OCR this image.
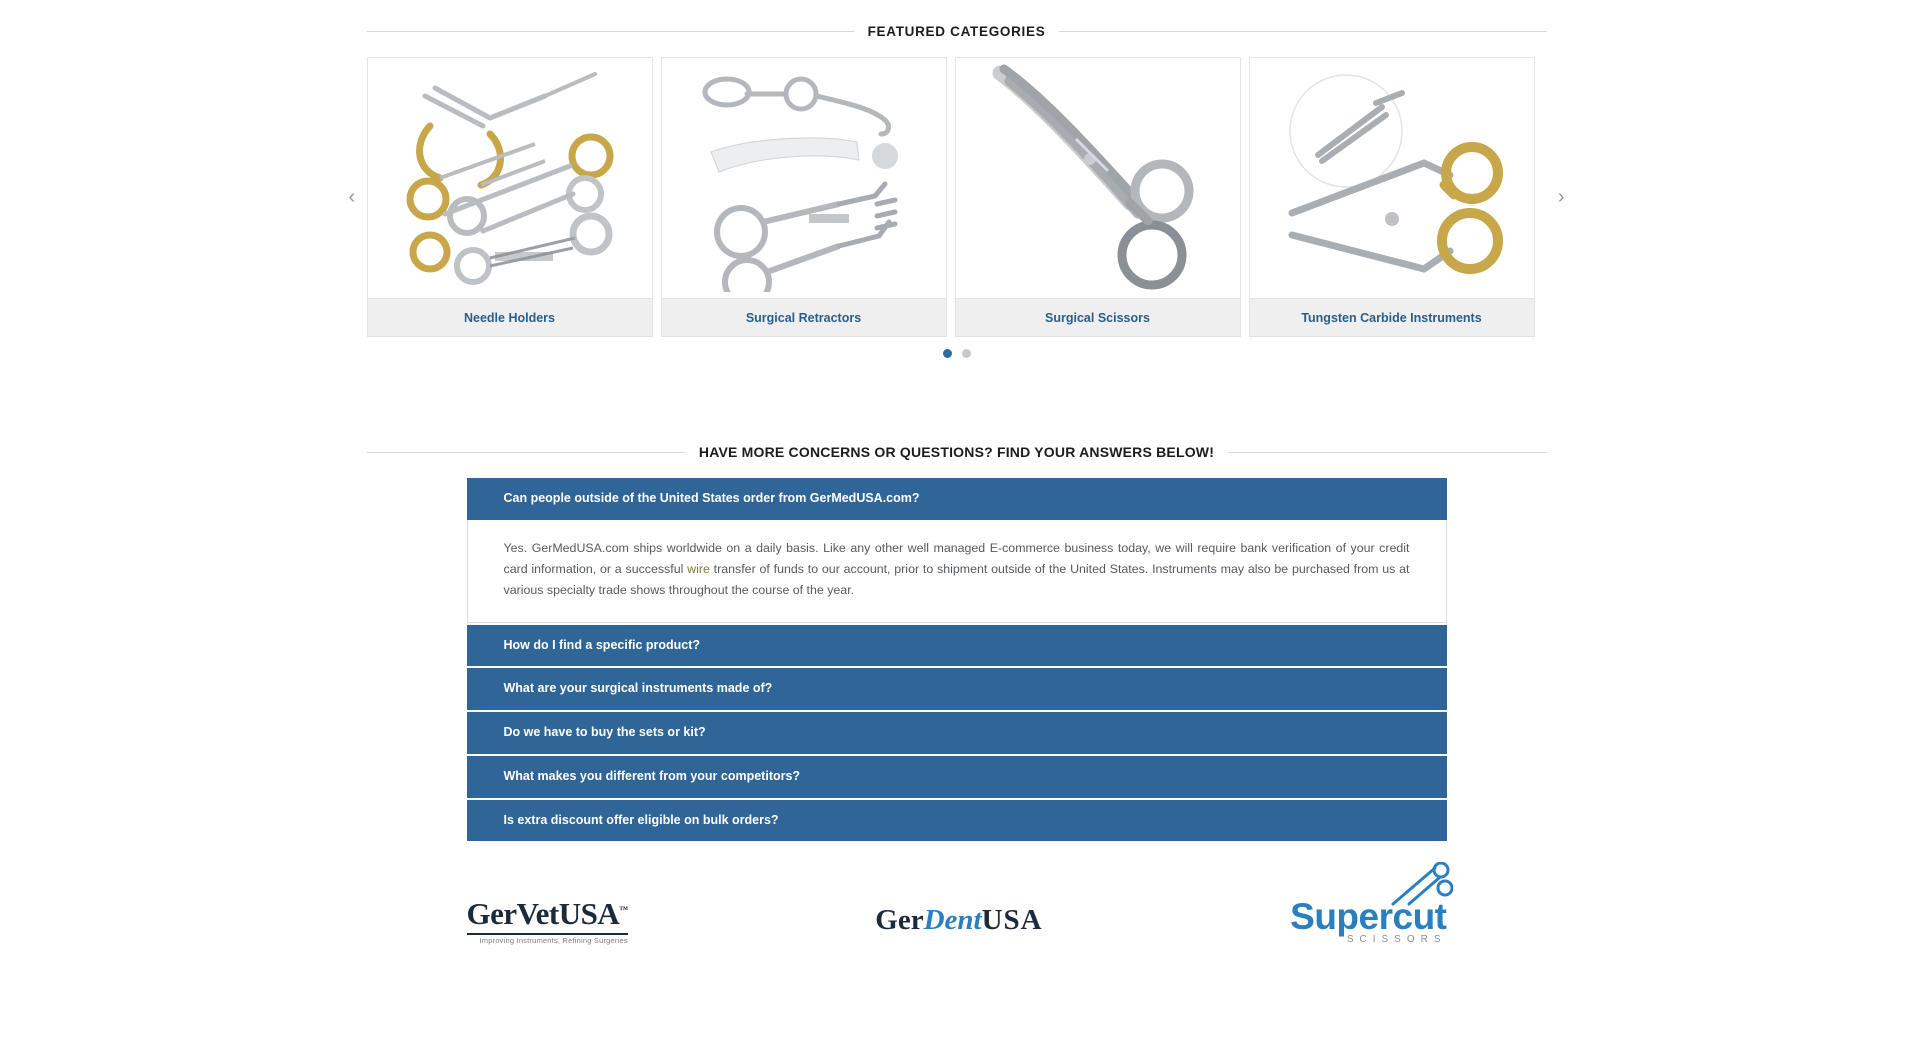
FEATURED CATEGORIES
‹
Needle Holders	Surgical Retractors	Surgical Scissors	Tungsten Carbide Instruments
›
HAVE MORE CONCERNS OR QUESTIONS? FIND YOUR ANSWERS BELOW!
Can people outside of the United States order from GerMedUSA.com?
Yes. GerMedUSA.com ships worldwide on a daily basis. Like any other well managed E-commerce business today, we will require bank verification of your credit card information, or a successful wire transfer of funds to our account, prior to shipment outside of the United States. Instruments may also be purchased from us at various specialty trade shows throughout the course of the year.
How do I find a specific product?
What are your surgical instruments made of?
Do we have to buy the sets or kit?
What makes you different from your competitors?
Is extra discount offer eligible on bulk orders?
GerVetUSA™
Improving Instruments, Refining Surgeries
GerDentUSA	Supercut
SCISSORS
